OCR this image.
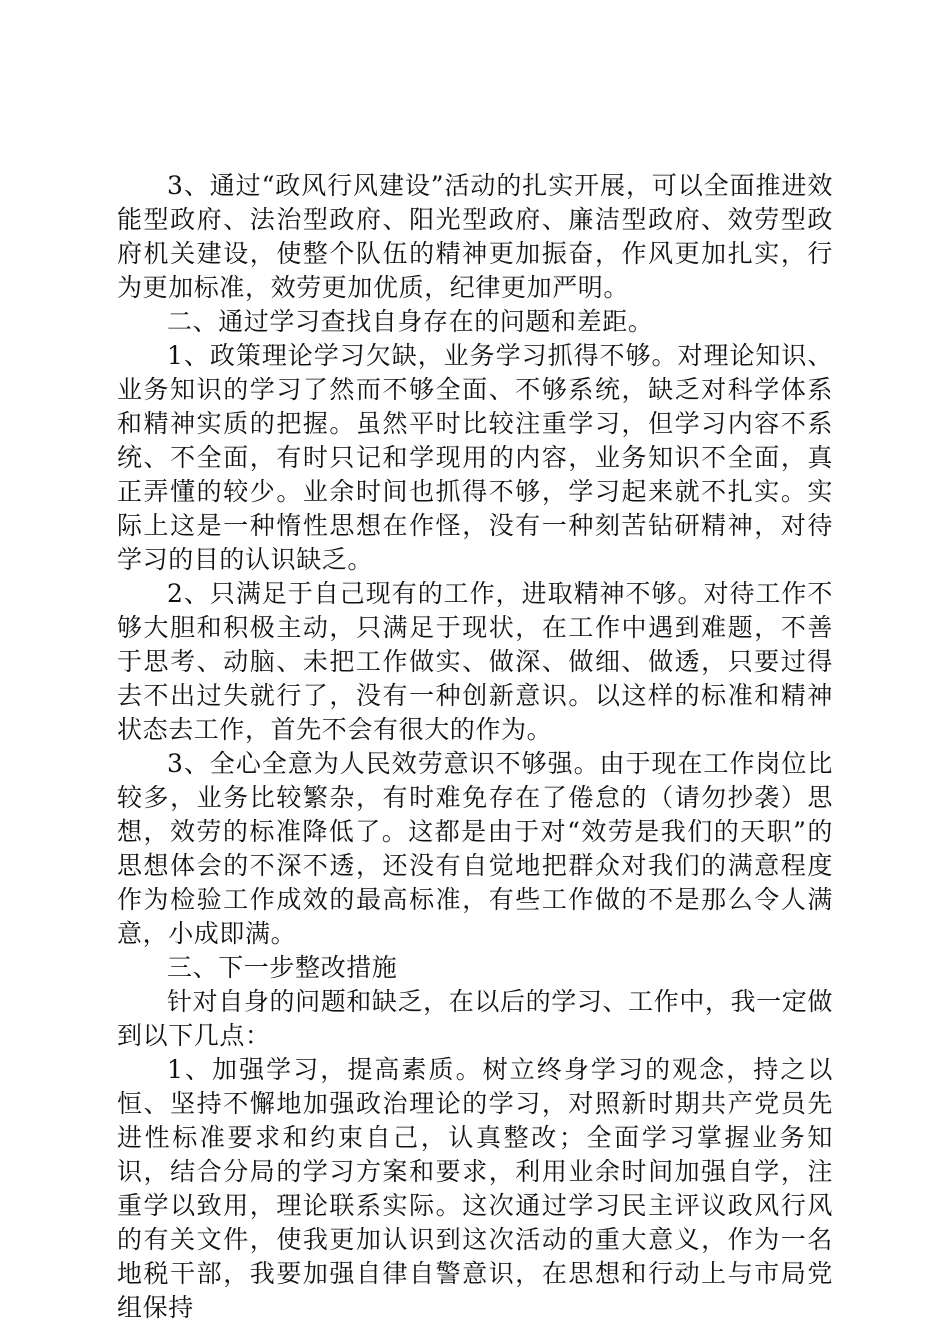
3、通过“政风行风建设”活动的扎实开展，可以全面推进效能型政府、法治型政府、阳光型政府、廉洁型政府、效劳型政府机关建设，使整个队伍的精神更加振奋，作风更加扎实，行为更加标准，效劳更加优质，纪律更加严明。

二、通过学习查找自身存在的问题和差距。

1、政策理论学习欠缺，业务学习抓得不够。对理论知识、业务知识的学习了然而不够全面、不够系统，缺乏对科学体系和精神实质的把握。虽然平时比较注重学习，但学习内容不系统、不全面，有时只记和学现用的内容，业务知识不全面，真正弄懂的较少。业余时间也抓得不够，学习起来就不扎实。实际上这是一种惰性思想在作怪，没有一种刻苦钻研精神，对待学习的目的认识缺乏。

2、只满足于自己现有的工作，进取精神不够。对待工作不够大胆和积极主动，只满足于现状，在工作中遇到难题，不善于思考、动脑、未把工作做实、做深、做细、做透，只要过得去不出过失就行了，没有一种创新意识。以这样的标准和精神状态去工作，首先不会有很大的作为。

3、全心全意为人民效劳意识不够强。由于现在工作岗位比较多，业务比较繁杂，有时难免存在了倦怠的（请勿抄袭）思想，效劳的标准降低了。这都是由于对“效劳是我们的天职”的思想体会的不深不透，还没有自觉地把群众对我们的满意程度作为检验工作成效的最高标准，有些工作做的不是那么令人满意，小成即满。

三、下一步整改措施

针对自身的问题和缺乏，在以后的学习、工作中，我一定做到以下几点：

1、加强学习，提高素质。树立终身学习的观念，持之以恒、坚持不懈地加强政治理论的学习，对照新时期共产党员先进性标准要求和约束自己，认真整改；全面学习掌握业务知识，结合分局的学习方案和要求，利用业余时间加强自学，注重学以致用，理论联系实际。这次通过学习民主评议政风行风的有关文件，使我更加认识到这次活动的重大意义，作为一名地税干部，我要加强自律自警意识，在思想和行动上与市局党组保持
